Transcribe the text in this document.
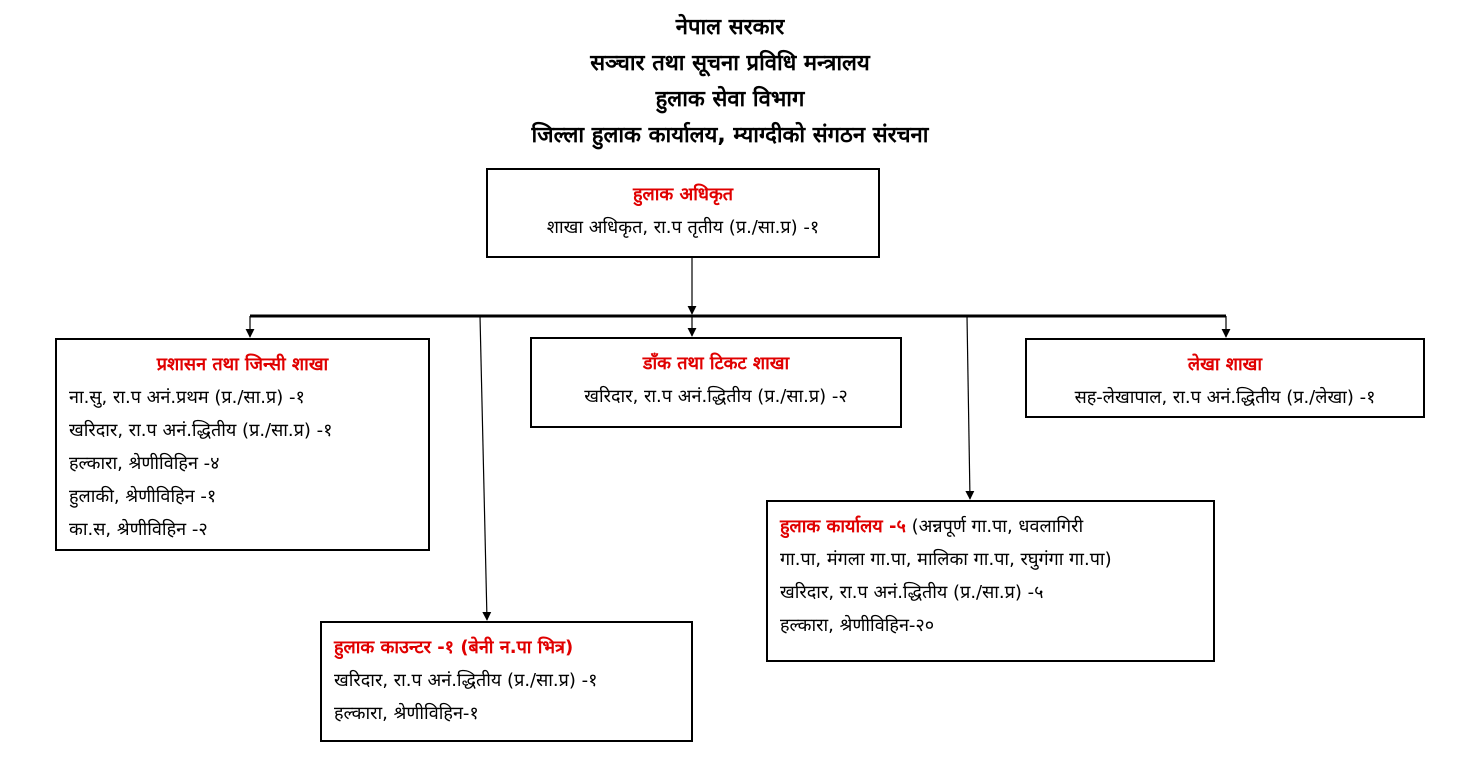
नेपाल सरकार
सञ्चार तथा सूचना प्रविधि मन्त्रालय
हुलाक सेवा विभाग
जिल्ला हुलाक कार्यालय, म्याग्दीको संगठन संरचना
हुलाक अधिकृत
शाखा अधिकृत, रा.प तृतीय (प्र./सा.प्र) -१
प्रशासन तथा जिन्सी शाखा
ना.सु, रा.प अनं.प्रथम (प्र./सा.प्र) -१
खरिदार, रा.प अनं.द्धितीय (प्र./सा.प्र) -१
हल्कारा, श्रेणीविहिन -४
हुलाकी, श्रेणीविहिन -१
का.स, श्रेणीविहिन -२
डाँक तथा टिकट शाखा
खरिदार, रा.प अनं.द्धितीय (प्र./सा.प्र) -२
लेखा शाखा
सह-लेखापाल, रा.प अनं.द्धितीय (प्र./लेखा) -१
हुलाक कार्यालय -५ (अन्नपूर्ण गा.पा, धवलागिरी
गा.पा, मंगला गा.पा, मालिका गा.पा, रघुगंगा गा.पा)
खरिदार, रा.प अनं.द्धितीय (प्र./सा.प्र) -५
हल्कारा, श्रेणीविहिन-२०
हुलाक काउन्टर -१ (बेनी न.पा भित्र)
खरिदार, रा.प अनं.द्धितीय (प्र./सा.प्र) -१
हल्कारा, श्रेणीविहिन-१
